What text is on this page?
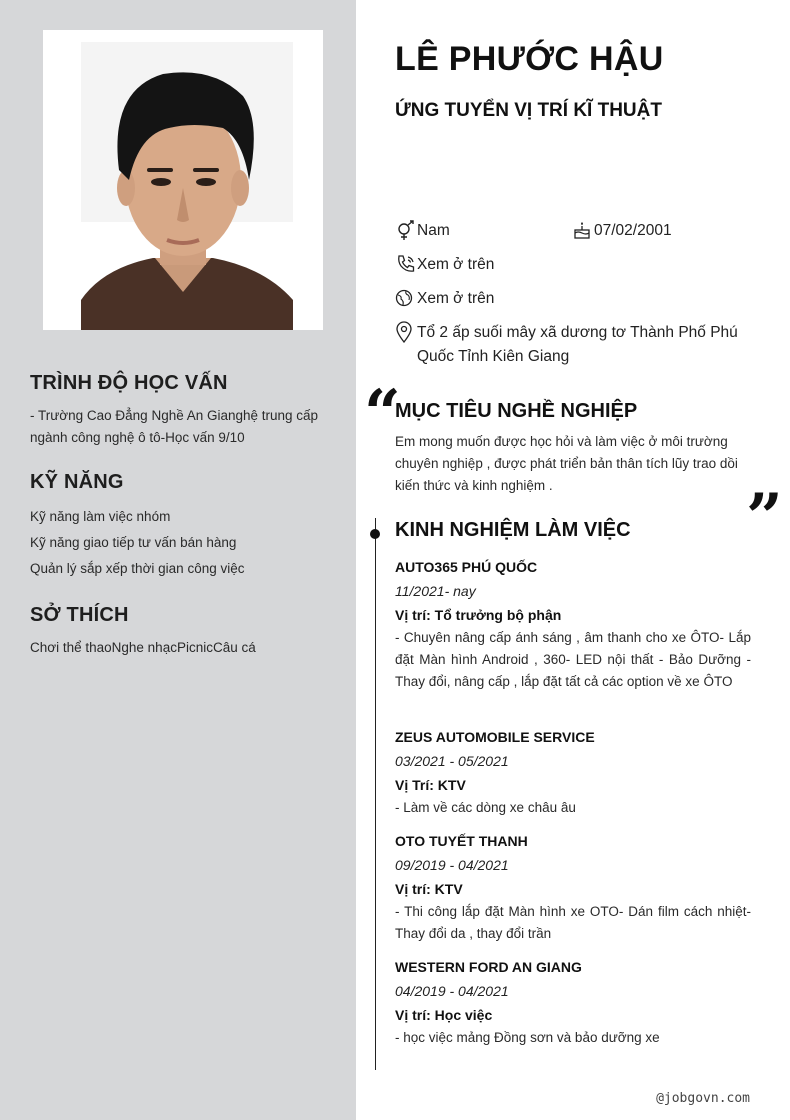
TRÌNH ĐỘ HỌC VẤN

- Trường Cao Đẳng Nghề An Gianghệ trung cấp ngành công nghệ ô tô-Học vấn 9/10

KỸ NĂNG
Kỹ năng làm việc nhóm
Kỹ năng giao tiếp tư vấn bán hàng
Quản lý sắp xếp thời gian công việc
SỞ THÍCH

Chơi thể thaoNghe nhạcPicnicCâu cá

LÊ PHƯỚC HẬU
ỨNG TUYỂN VỊ TRÍ KĨ THUẬT
Nam	07/02/2001
Xem ở trên
Xem ở trên
Tổ 2 ấp suối mây xã dương tơ Thành Phố Phú Quốc Tỉnh Kiên Giang
“
MỤC TIÊU NGHỀ NGHIỆP
Em mong muốn được học hỏi và làm việc ở môi trường chuyên nghiệp , được phát triển bản thân tích lũy trao dồi kiến thức và kinh nghiệm .	”
KINH NGHIỆM LÀM VIỆC
AUTO365 PHÚ QUỐC
11/2021- nay
Vị trí: Tổ trưởng bộ phận
- Chuyên nâng cấp ánh sáng , âm thanh cho xe ÔTO- Lắp đặt Màn hình Android , 360- LED nội thất - Bảo Dưỡng - Thay đổi, nâng cấp , lắp đặt tất cả các option về xe ÔTO
ZEUS AUTOMOBILE SERVICE
03/2021 - 05/2021
Vị Trí: KTV
- Làm về các dòng xe châu âu
OTO TUYẾT THANH
09/2019 - 04/2021
Vị trí: KTV
- Thi công lắp đặt Màn hình xe OTO- Dán film cách nhiệt- Thay đổi da , thay đổi trần
WESTERN FORD AN GIANG
04/2019 - 04/2021
Vị trí: Học việc
- học việc mảng Đồng sơn và bảo dưỡng xe
@jobgovn.com
